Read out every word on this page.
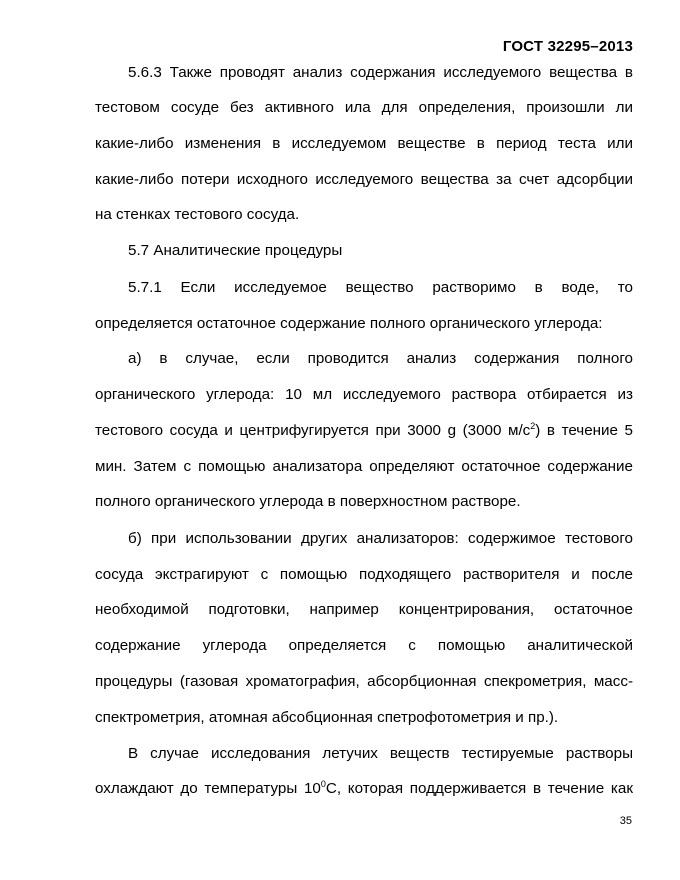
ГОСТ 32295–2013
5.6.3 Также проводят анализ содержания исследуемого вещества в
тестовом сосуде без активного ила для определения, произошли ли
какие-либо изменения в исследуемом веществе в период теста или
какие-либо потери исходного исследуемого вещества за счет адсорбции
на стенках тестового сосуда.
5.7 Аналитические процедуры
5.7.1 Если исследуемое вещество растворимо в воде, то
определяется остаточное содержание полного органического углерода:
а) в случае, если проводится анализ содержания полного
органического углерода: 10 мл исследуемого раствора отбирается из
тестового сосуда и центрифугируется при 3000 g (3000 $м/с^2$) в течение 5
мин. Затем с помощью анализатора определяют остаточное содержание
полного органического углерода в поверхностном растворе.
б) при использовании других анализаторов: содержимое тестового
сосуда экстрагируют с помощью подходящего растворителя и после
необходимой подготовки, например концентрирования, остаточное
содержание углерода определяется с помощью аналитической
процедуры (газовая хроматография, абсорбционная спекрометрия, масс-
спектрометрия, атомная абсобционная спетрофотометрия и пр.).
В случае исследования летучих веществ тестируемые растворы
охлаждают до температуры $10^0С$, которая поддерживается в течение как
35
